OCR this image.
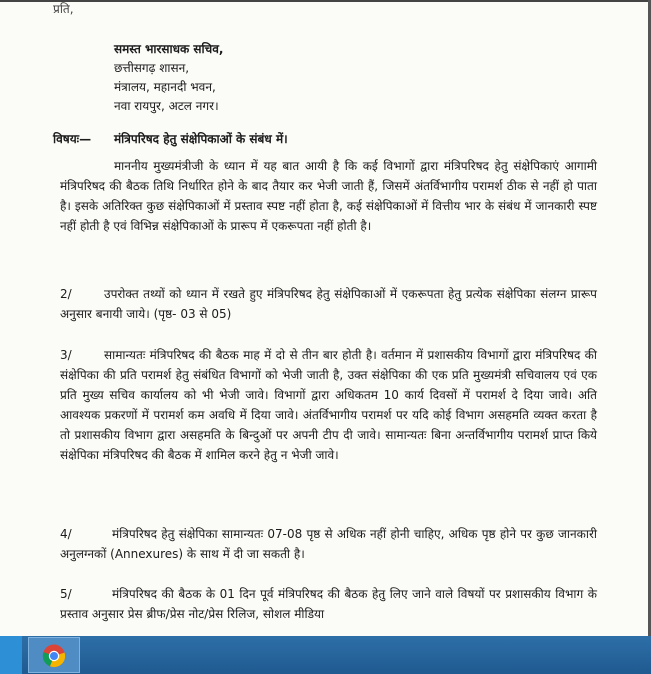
प्रति,
समस्त भारसाधक सचिव,
छत्तीसगढ़ शासन,
मंत्रालय, महानदी भवन,
नवा रायपुर, अटल नगर।
विषयः— मंत्रिपरिषद हेतु संक्षेपिकाओं के संबंध में।
माननीय मुख्यमंत्रीजी के ध्यान में यह बात आयी है कि कई विभागों द्वारा मंत्रिपरिषद हेतु संक्षेपिकाएं आगामी मंत्रिपरिषद की बैठक तिथि निर्धारित होने के बाद तैयार कर भेजी जाती हैं, जिसमें अंतर्विभागीय परामर्श ठीक से नहीं हो पाता है। इसके अतिरिक्त कुछ संक्षेपिकाओं में प्रस्ताव स्पष्ट नहीं होता है, कई संक्षेपिकाओं में वित्तीय भार के संबंध में जानकारी स्पष्ट नहीं होती है एवं विभिन्न संक्षेपिकाओं के प्रारूप में एकरूपता नहीं होती है।
2/	उपरोक्त तथ्यों को ध्यान में रखते हुए मंत्रिपरिषद हेतु संक्षेपिकाओं में एकरूपता हेतु प्रत्येक संक्षेपिका संलग्न प्रारूप अनुसार बनायी जाये। (पृष्ठ- 03 से 05)
3/	सामान्यतः मंत्रिपरिषद की बैठक माह में दो से तीन बार होती है। वर्तमान में प्रशासकीय विभागों द्वारा मंत्रिपरिषद की संक्षेपिका की प्रति परामर्श हेतु संबंधित विभागों को भेजी जाती है, उक्त संक्षेपिका की एक प्रति मुख्यमंत्री सचिवालय एवं एक प्रति मुख्य सचिव कार्यालय को भी भेजी जावे। विभागों द्वारा अधिकतम 10 कार्य दिवसों में परामर्श दे दिया जावे। अति आवश्यक प्रकरणों में परामर्श कम अवधि में दिया जावे। अंतर्विभागीय परामर्श पर यदि कोई विभाग असहमति व्यक्त करता है तो प्रशासकीय विभाग द्वारा असहमति के बिन्दुओं पर अपनी टीप दी जावे। सामान्यतः बिना अन्तर्विभागीय परामर्श प्राप्त किये संक्षेपिका मंत्रिपरिषद की बैठक में शामिल करने हेतु न भेजी जावे।
4/	मंत्रिपरिषद हेतु संक्षेपिका सामान्यतः 07-08 पृष्ठ से अधिक नहीं होनी चाहिए, अधिक पृष्ठ होने पर कुछ जानकारी अनुलग्नकों (Annexures) के साथ में दी जा सकती है।
5/	मंत्रिपरिषद की बैठक के 01 दिन पूर्व मंत्रिपरिषद की बैठक हेतु लिए जाने वाले विषयों पर प्रशासकीय विभाग के प्रस्ताव अनुसार प्रेस ब्रीफ/प्रेस नोट/प्रेस रिलिज, सोशल मीडिया
